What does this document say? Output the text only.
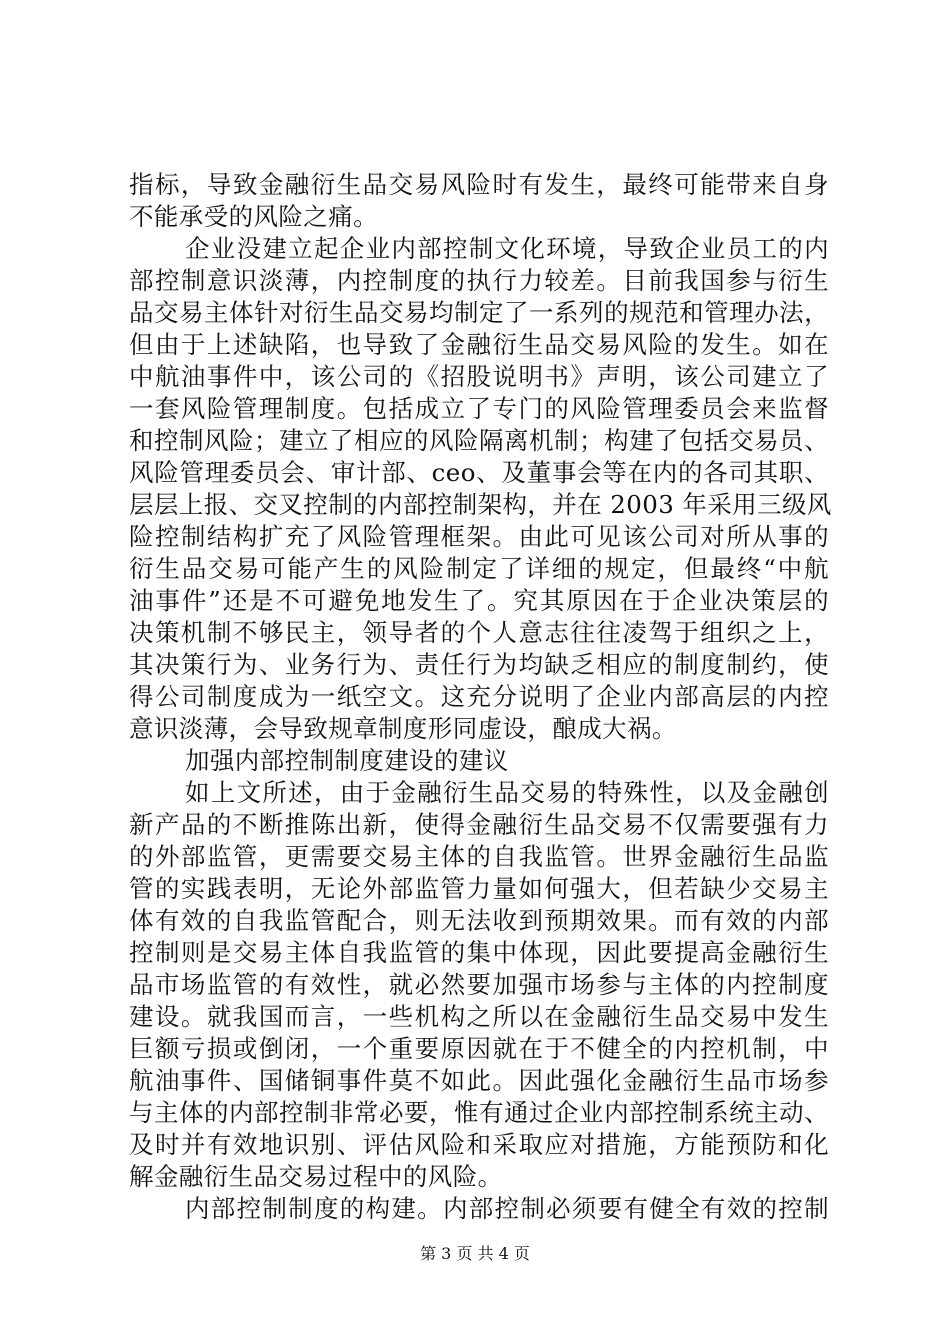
指标，导致金融衍生品交易风险时有发生，最终可能带来自身
不能承受的风险之痛。
企业没建立起企业内部控制文化环境，导致企业员工的内
部控制意识淡薄，内控制度的执行力较差。目前我国参与衍生
品交易主体针对衍生品交易均制定了一系列的规范和管理办法，
但由于上述缺陷，也导致了金融衍生品交易风险的发生。如在
中航油事件中，该公司的《招股说明书》声明，该公司建立了
一套风险管理制度。包括成立了专门的风险管理委员会来监督
和控制风险；建立了相应的风险隔离机制；构建了包括交易员、
风险管理委员会、审计部、ceo、及董事会等在内的各司其职、
层层上报、交叉控制的内部控制架构，并在 2003 年采用三级风
险控制结构扩充了风险管理框架。由此可见该公司对所从事的
衍生品交易可能产生的风险制定了详细的规定，但最终“中航
油事件”还是不可避免地发生了。究其原因在于企业决策层的
决策机制不够民主，领导者的个人意志往往凌驾于组织之上，
其决策行为、业务行为、责任行为均缺乏相应的制度制约，使
得公司制度成为一纸空文。这充分说明了企业内部高层的内控
意识淡薄，会导致规章制度形同虚设，酿成大祸。
加强内部控制制度建设的建议
如上文所述，由于金融衍生品交易的特殊性，以及金融创
新产品的不断推陈出新，使得金融衍生品交易不仅需要强有力
的外部监管，更需要交易主体的自我监管。世界金融衍生品监
管的实践表明，无论外部监管力量如何强大，但若缺少交易主
体有效的自我监管配合，则无法收到预期效果。而有效的内部
控制则是交易主体自我监管的集中体现，因此要提高金融衍生
品市场监管的有效性，就必然要加强市场参与主体的内控制度
建设。就我国而言，一些机构之所以在金融衍生品交易中发生
巨额亏损或倒闭，一个重要原因就在于不健全的内控机制，中
航油事件、国储铜事件莫不如此。因此强化金融衍生品市场参
与主体的内部控制非常必要，惟有通过企业内部控制系统主动、
及时并有效地识别、评估风险和采取应对措施，方能预防和化
解金融衍生品交易过程中的风险。
内部控制制度的构建。内部控制必须要有健全有效的控制
第 3 页 共 4 页
